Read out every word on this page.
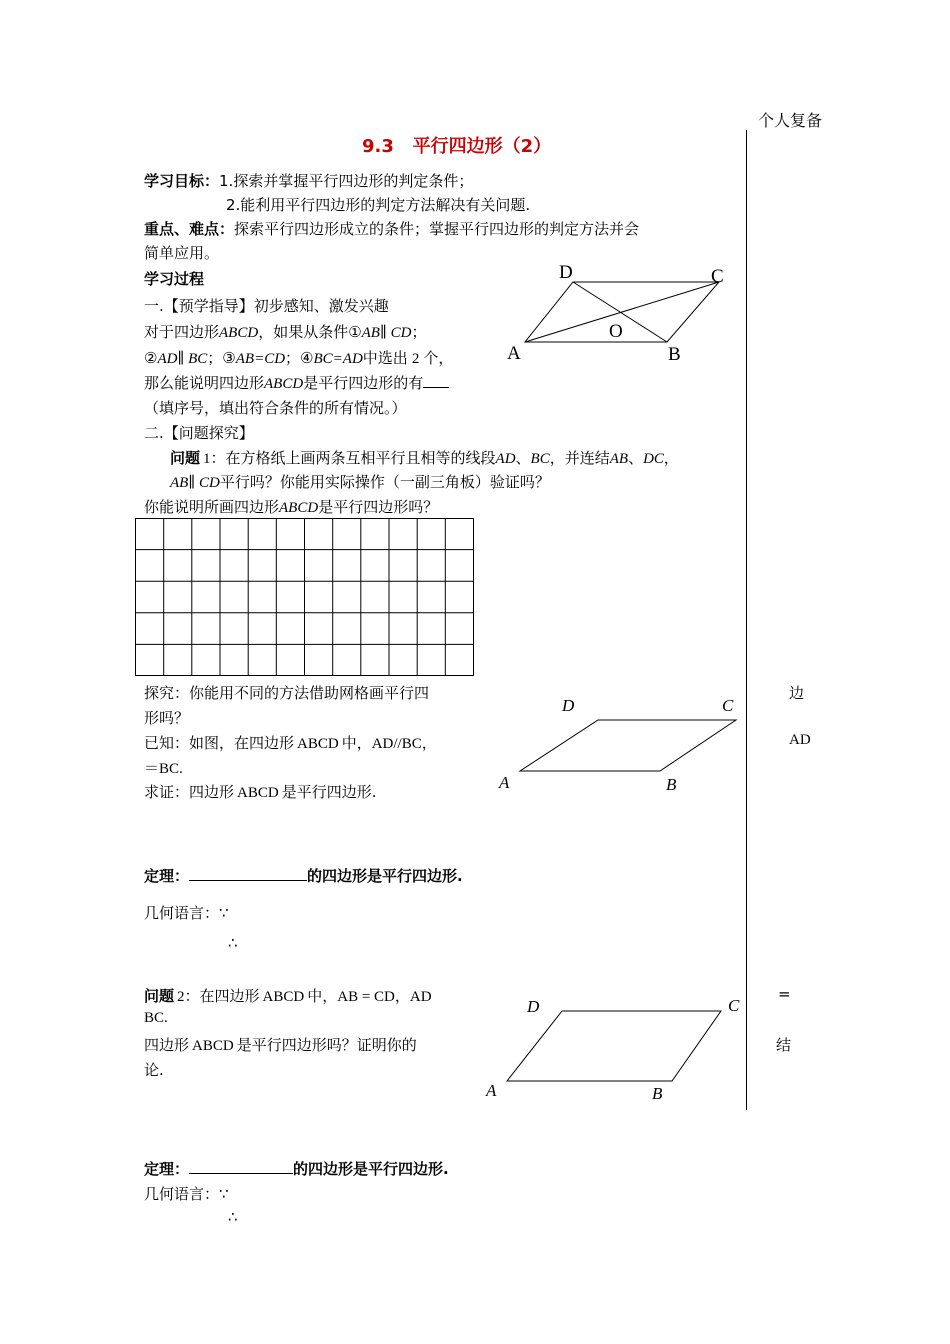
个人复备
9.3   平行四边形（2）
学习目标：1.探索并掌握平行四边形的判定条件；
2.能利用平行四边形的判定方法解决有关问题.
重点、难点：探索平行四边形成立的条件；掌握平行四边形的判定方法并会
简单应用。
学习过程
一.【预学指导】初步感知、激发兴趣
对于四边形ABCD，如果从条件①AB∥ CD；
②AD∥ BC；③AB=CD；④BC=AD中选出 2 个，
那么能说明四边形ABCD是平行四边形的有
（填序号，填出符合条件的所有情况。）
D	C
A	B
O
二.【问题探究】
问题 1：在方格纸上画两条互相平行且相等的线段AD、BC，并连结AB、DC，
AB∥ CD平行吗？你能用实际操作（一副三角板）验证吗？
你能说明所画四边形ABCD是平行四边形吗？
探究：你能用不同的方法借助网格画平行四
形吗？
已知：如图，在四边形 ABCD 中，AD//BC，
＝BC.
求证：四边形 ABCD 是平行四边形.
边
AD
D	C
A	B
定理：	的四边形是平行四边形.
几何语言：∵
∴
问题 2：在四边形 ABCD 中，AB = CD，AD
BC.
四边形 ABCD 是平行四边形吗？证明你的
论.
=
结
D	C
A	B
定理：	的四边形是平行四边形.
几何语言：∵
∴
